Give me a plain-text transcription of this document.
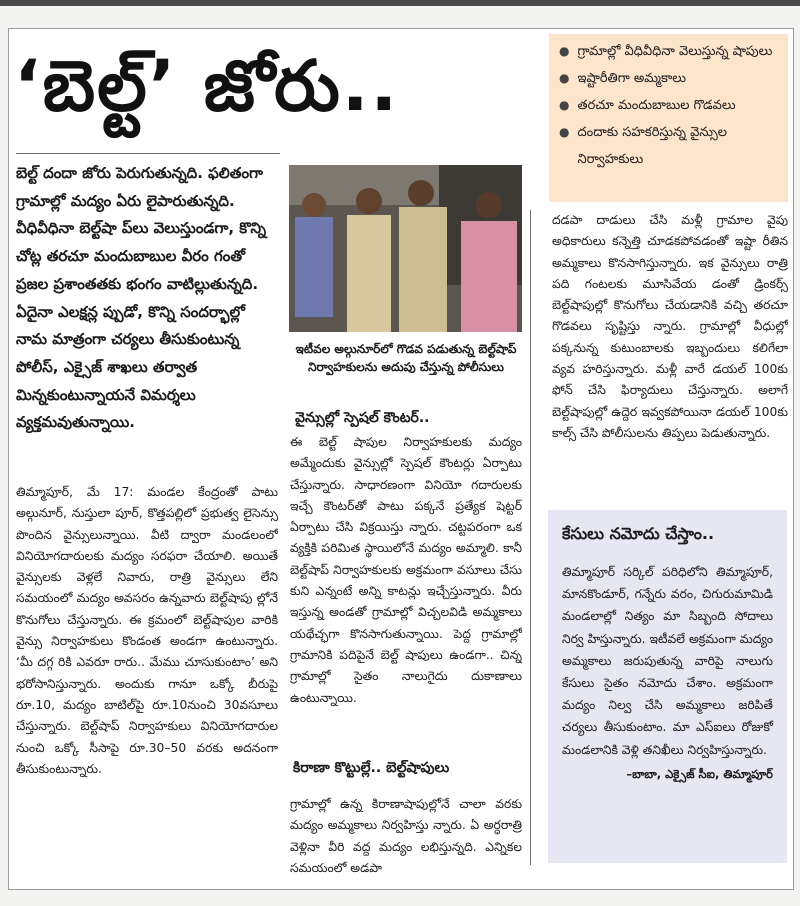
‘బెల్ట్’ జోరు..	● గ్రామాల్లో వీధివీధినా వెలుస్తున్న షాపులు
● ఇష్టారీతిగా అమ్మకాలు
● తరచూ మందుబాబుల గొడవలు
● దందాకు సహకరిస్తున్న వైన్సుల నిర్వాహకులు
బెల్ట్ దందా జోరు పెరుగుతున్నది. ఫలితంగా గ్రామాల్లో మద్యం ఏరు లైపారుతున్నది. వీధివీధినా బెల్ట్‌షా ప్‌లు వెలుస్తుండగా, కొన్ని చోట్ల తరచూ మందుబాబుల వీరం గంతో ప్రజల ప్రశాంతతకు భంగం వాటిల్లుతున్నది. ఏదైనా ఎలక్షన్ల ప్పుడో, కొన్ని సందర్భాల్లో నామ మాత్రంగా చర్యలు తీసుకుంటున్న పోలీస్, ఎక్సైజ్ శాఖలు తర్వాత మిన్నకుంటున్నాయనే విమర్శలు వ్యక్తమవుతున్నాయి.
తిమ్మాపూర్, మే 17: మండల కేంద్రంతో పాటు అల్గునూర్, నుస్తులా పూర్, కొత్తపల్లిలో ప్రభుత్వ లైసెన్సు పొందిన వైన్సులున్నాయి. వీటి ద్వారా మండలంలో వినియోగదారులకు మద్యం సరఫరా చేయాలి. అయితే వైన్సులకు వెళ్లలే నివారు, రాత్రి వైన్సులు లేని సమయంలో మద్యం అవసరం ఉన్నవారు బెల్ట్‌షాపు ల్లోనే కొనుగోలు చేస్తున్నారు. ఈ క్రమంలో బెల్ట్‌షాపుల వారికి వైన్సు నిర్వాహకులు కొండంత అండగా ఉంటున్నారు. ‘మీ దగ్గ రికి ఎవరూ రారు.. మేము చూసుకుంటాం’ అని భరోసానిస్తున్నారు. అందుకు గానూ ఒక్కో బీరుపై రూ.10, మద్యం బాటిల్‌పై రూ.10నుంచి 30వసూలు చేస్తున్నారు. బెల్ట్‌షాప్ నిర్వాహకులు వినియోగదారుల నుంచి ఒక్కో సీసాపై రూ.30–50 వరకు అదనంగా తీసుకుంటున్నారు.
ఇటీవల అల్గునూర్‌లో గొడవ పడుతున్న బెల్ట్‌షాప్ నిర్వాహకులను అదుపు చేస్తున్న పోలీసులు
వైన్సుల్లో స్పెషల్ కౌంటర్..
ఈ బెల్ట్ షాపుల నిర్వాహకులకు మద్యం అమ్మేందుకు వైన్సుల్లో స్పెషల్ కౌంటర్లు ఏర్పాటు చేస్తున్నారు. సాధారణంగా వినియో గదారులకు ఇచ్చే కౌంటర్‌తో పాటు పక్కనే ప్రత్యేక షెట్టర్ ఏర్పాటు చేసి విక్రయిస్తు న్నారు. చట్టపరంగా ఒక వ్యక్తికి పరిమిత స్థాయిలోనే మద్యం అమ్మాలి. కానీ బెల్ట్‌షాప్ నిర్వాహకులకు అక్రమంగా వసూలు చేసు కుని ఎన్నంటే అన్ని కాటన్లు ఇచ్చేస్తున్నారు. వీరు ఇస్తున్న అండతో గ్రామాల్లో విచ్చలవిడి అమ్మకాలు యథేచ్ఛగా కొనసాగుతున్నాయి. పెద్ద గ్రామాల్లో గ్రామానికి పదిపైనే బెల్ట్ షాపులు ఉండగా.. చిన్న గ్రామాల్లో సైతం నాలుగైదు దుకాణాలు ఉంటున్నాయి.
కిరాణా కొట్టుల్లే.. బెల్ట్‌షాపులు
గ్రామాల్లో ఉన్న కిరాణాషాపుల్లోనే చాలా వరకు మద్యం అమ్మకాలు నిర్వహిస్తు న్నారు. ఏ అర్ధరాత్రి వెళ్లినా వీరి వద్ద మద్యం లభిస్తున్నది. ఎన్నికల సమయంలో అడపా
దడపా దాడులు చేసి మళ్లీ గ్రామాల వైపు అధికారులు కన్నెత్తి చూడకపోవడంతో ఇష్టా రీతిన అమ్మకాలు కొనసాగిస్తున్నారు. ఇక వైన్సులు రాత్రి పది గంటలకు మూసివేయ డంతో డ్రింకర్స్ బెల్ట్‌షాపుల్లో కొనుగోలు చేయడానికి వచ్చి తరచూ గొడవలు సృష్టిస్తు న్నారు. గ్రామాల్లో వీధుల్లో పక్కనున్న కుటుంబాలకు ఇబ్బందులు కలిగేలా వ్యవ హరిస్తున్నారు. మళ్లీ వారే డయల్ 100కు ఫోన్ చేసి ఫిర్యాదులు చేస్తున్నారు. అలాగే బెల్ట్‌షాపుల్లో ఉద్దెర ఇవ్వకపోయినా డయల్ 100కు కాల్స్ చేసి పోలీసులను తిప్పలు పెడుతున్నారు.
కేసులు నమోదు చేస్తాం..
తిమ్మాపూర్ సర్కిల్ పరిధిలోని తిమ్మాపూర్, మానకొండూర్, గన్నేరు వరం, చిగురుమామిడి మండలాల్లో నిత్యం మా సిబ్బంది సోదాలు నిర్వ హిస్తున్నారు. ఇటీవలే అక్రమంగా మద్యం అమ్మకాలు జరుపుతున్న వారిపై నాలుగు కేసులు సైతం నమోదు చేశాం. అక్రమంగా మద్యం నిల్వ చేసి అమ్మకాలు జరిపితే చర్యలు తీసుకుంటాం. మా ఎస్‌ఐలు రోజుకో మండలానికి వెళ్లి తనిఖీలు నిర్వహిస్తున్నారు.
–బాబా, ఎక్సైజ్ సీఐ, తిమ్మాపూర్
